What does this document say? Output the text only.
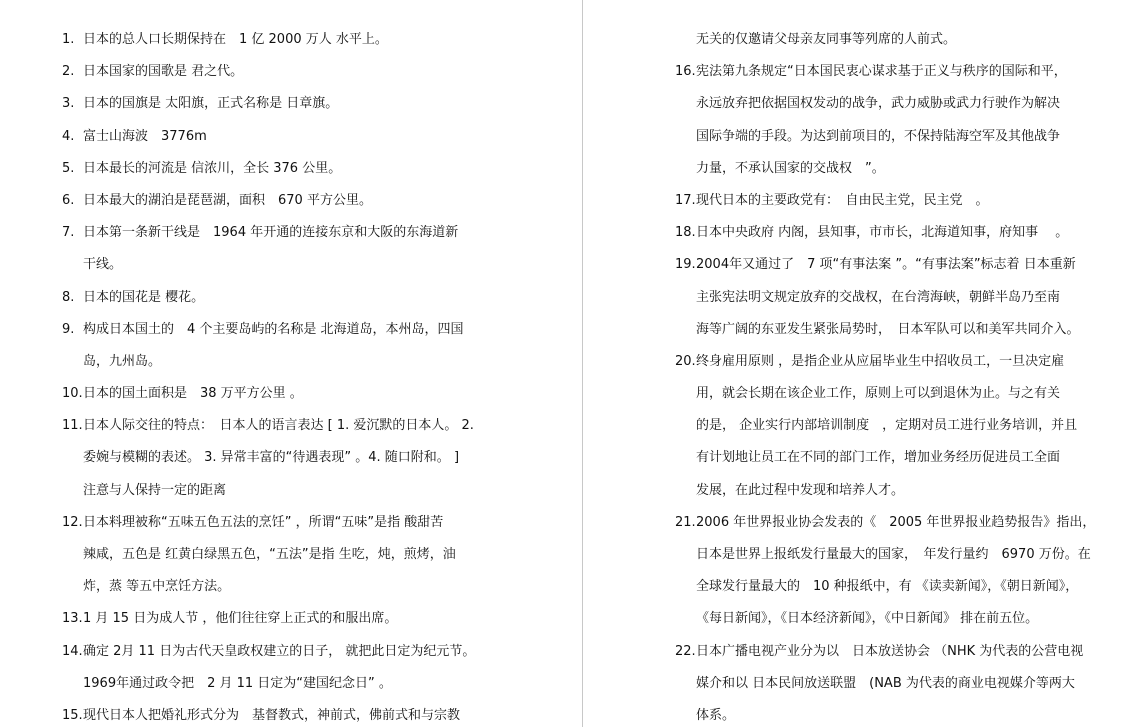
1. 日本的总人口长期保持在　1 亿 2000 万人 水平上。
2. 日本国家的国歌是 君之代。
3. 日本的国旗是 太阳旗，正式名称是 日章旗。
4. 富士山海波　3776m
5. 日本最长的河流是 信浓川，全长 376 公里。
6. 日本最大的湖泊是琵琶湖，面积　670 平方公里。
7. 日本第一条新干线是　1964 年开通的连接东京和大阪的东海道新
干线。
8. 日本的国花是 樱花。
9. 构成日本国土的　4 个主要岛屿的名称是 北海道岛，本州岛，四国
岛，九州岛。
10.日本的国土面积是　38 万平方公里 。
11.日本人际交往的特点：　日本人的语言表达 [ 1. 爱沉默的日本人。 2.
委婉与模糊的表述。 3. 异常丰富的“待遇表现” 。4. 随口附和。 ]
注意与人保持一定的距离
12.日本料理被称“五味五色五法的烹饪” ，所谓“五味”是指 酸甜苦
辣咸，五色是 红黄白绿黑五色，“五法”是指 生吃，炖，煎烤，油
炸，蒸 等五中烹饪方法。
13.1 月 15 日为成人节 ，他们往往穿上正式的和服出席。
14.确定 2月 11 日为古代天皇政权建立的日子， 就把此日定为纪元节。
1969年通过政令把　2 月 11 日定为“建国纪念日” 。
15.现代日本人把婚礼形式分为　基督教式，神前式，佛前式和与宗教
无关的仅邀请父母亲友同事等列席的人前式。
16.宪法第九条规定“日本国民衷心谋求基于正义与秩序的国际和平，
永远放弃把依据国权发动的战争，武力威胁或武力行驶作为解决
国际争端的手段。为达到前项目的，不保持陆海空军及其他战争
力量，不承认国家的交战权　”。
17.现代日本的主要政党有：　自由民主党，民主党　。
18.日本中央政府 内阁，县知事，市市长，北海道知事，府知事　 。
19.2004年又通过了　7 项“有事法案 ”。“有事法案”标志着 日本重新
主张宪法明文规定放弃的交战权，在台湾海峡，朝鲜半岛乃至南
海等广阔的东亚发生紧张局势时，　日本军队可以和美军共同介入。
20.终身雇用原则 ，是指企业从应届毕业生中招收员工，一旦决定雇
用，就会长期在该企业工作，原则上可以到退休为止。与之有关
的是， 企业实行内部培训制度　，定期对员工进行业务培训，并且
有计划地让员工在不同的部门工作，增加业务经历促进员工全面
发展，在此过程中发现和培养人才。
21.2006 年世界报业协会发表的《　2005 年世界报业趋势报告》指出，
日本是世界上报纸发行量最大的国家，　年发行量约　6970 万份。在
全球发行量最大的　10 种报纸中，有 《读卖新闻》，《朝日新闻》，
《每日新闻》，《日本经济新闻》，《中日新闻》 排在前五位。
22.日本广播电视产业分为以　日本放送协会 （NHK 为代表的公营电视
媒介和以 日本民间放送联盟　(NAB 为代表的商业电视媒介等两大
体系。
